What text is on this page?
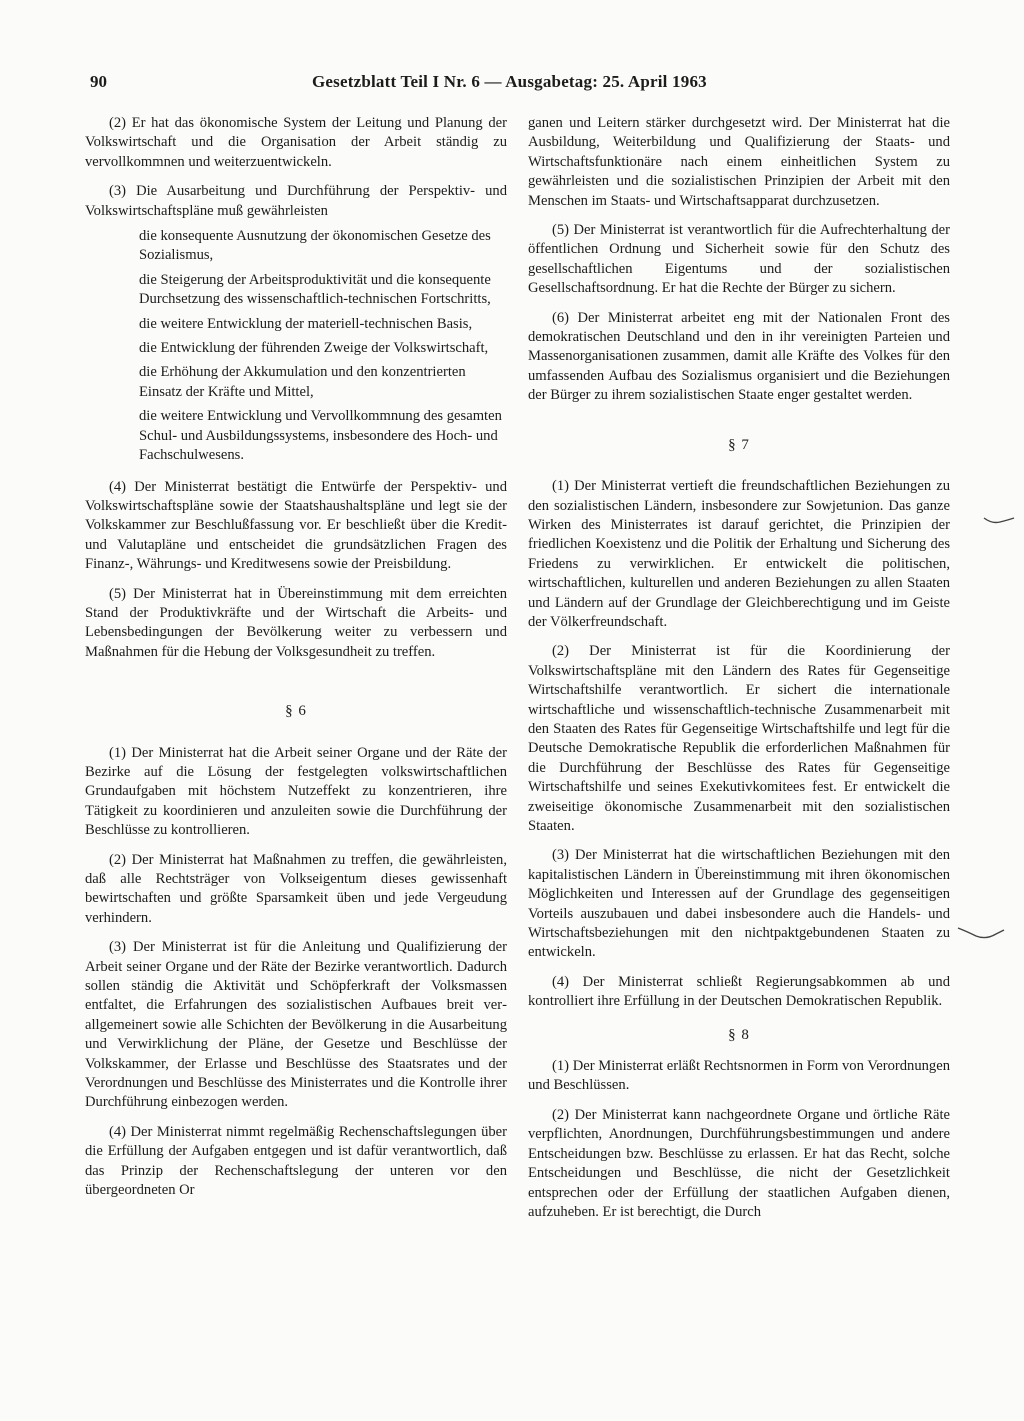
90	Gesetzblatt Teil I Nr. 6 — Ausgabetag: 25. April 1963

(2) Er hat das ökonomische System der Leitung und Planung der Volkswirtschaft und die Organisation der Arbeit ständig zu vervollkommnen und weiterzuentwickeln.

(3) Die Ausarbeitung und Durchführung der Perspektiv- und Volkswirtschaftspläne muß gewährleisten

die konsequente Ausnutzung der ökonomischen Gesetze des Sozialismus,

die Steigerung der Arbeitsproduktivität und die konsequente Durchsetzung des wissenschaftlich-technischen Fortschritts,

die weitere Entwicklung der materiell-technischen Basis,

die Entwicklung der führenden Zweige der Volkswirtschaft,

die Erhöhung der Akkumulation und den konzentrierten Einsatz der Kräfte und Mittel,

die weitere Entwicklung und Vervollkommnung des gesamten Schul- und Ausbildungssystems, insbesondere des Hoch- und Fachschulwesens.

(4) Der Ministerrat bestätigt die Entwürfe der Perspektiv- und Volkswirtschaftspläne sowie der Staatshaushaltspläne und legt sie der Volkskammer zur Beschlußfassung vor. Er beschließt über die Kredit- und Valutapläne und entscheidet die grundsätzlichen Fragen des Finanz-, Währungs- und Kreditwesens sowie der Preisbildung.

(5) Der Ministerrat hat in Übereinstimmung mit dem erreichten Stand der Produktivkräfte und der Wirtschaft die Arbeits- und Lebensbedingungen der Bevölkerung weiter zu verbessern und Maßnahmen für die Hebung der Volksgesundheit zu treffen.

§ 6

(1) Der Ministerrat hat die Arbeit seiner Organe und der Räte der Bezirke auf die Lösung der festgelegten volkswirtschaftlichen Grundaufgaben mit höchstem Nutzeffekt zu konzentrieren, ihre Tätigkeit zu koordinieren und anzuleiten sowie die Durchführung der Beschlüsse zu kontrollieren.

(2) Der Ministerrat hat Maßnahmen zu treffen, die gewährleisten, daß alle Rechtsträger von Volkseigentum dieses gewissenhaft bewirtschaften und größte Sparsamkeit üben und jede Vergeudung verhindern.

(3) Der Ministerrat ist für die Anleitung und Qualifizierung der Arbeit seiner Organe und der Räte der Bezirke verantwortlich. Dadurch sollen ständig die Aktivität und Schöpferkraft der Volksmassen entfaltet, die Erfahrungen des sozialistischen Aufbaues breit verallgemeinert sowie alle Schichten der Bevölkerung in die Ausarbeitung und Verwirklichung der Pläne, der Gesetze und Beschlüsse der Volkskammer, der Erlasse und Beschlüsse des Staatsrates und der Verordnungen und Beschlüsse des Ministerrates und die Kontrolle ihrer Durchführung einbezogen werden.

(4) Der Ministerrat nimmt regelmäßig Rechenschaftslegungen über die Erfüllung der Aufgaben entgegen und ist dafür verantwortlich, daß das Prinzip der Rechenschaftslegung der unteren vor den übergeordneten Or

ganen und Leitern stärker durchgesetzt wird. Der Ministerrat hat die Ausbildung, Weiterbildung und Qualifizierung der Staats- und Wirtschaftsfunktionäre nach einem einheitlichen System zu gewährleisten und die sozialistischen Prinzipien der Arbeit mit den Menschen im Staats- und Wirtschaftsapparat durchzusetzen.

(5) Der Ministerrat ist verantwortlich für die Aufrechterhaltung der öffentlichen Ordnung und Sicherheit sowie für den Schutz des gesellschaftlichen Eigentums und der sozialistischen Gesellschaftsordnung. Er hat die Rechte der Bürger zu sichern.

(6) Der Ministerrat arbeitet eng mit der Nationalen Front des demokratischen Deutschland und den in ihr vereinigten Parteien und Massenorganisationen zusammen, damit alle Kräfte des Volkes für den umfassenden Aufbau des Sozialismus organisiert und die Beziehungen der Bürger zu ihrem sozialistischen Staate enger gestaltet werden.

§ 7

(1) Der Ministerrat vertieft die freundschaftlichen Beziehungen zu den sozialistischen Ländern, insbesondere zur Sowjetunion. Das ganze Wirken des Ministerrates ist darauf gerichtet, die Prinzipien der friedlichen Koexistenz und die Politik der Erhaltung und Sicherung des Friedens zu verwirklichen. Er entwickelt die politischen, wirtschaftlichen, kulturellen und anderen Beziehungen zu allen Staaten und Ländern auf der Grundlage der Gleichberechtigung und im Geiste der Völkerfreundschaft.

(2) Der Ministerrat ist für die Koordinierung der Volkswirtschaftspläne mit den Ländern des Rates für Gegenseitige Wirtschaftshilfe verantwortlich. Er sichert die internationale wirtschaftliche und wissenschaftlich-technische Zusammenarbeit mit den Staaten des Rates für Gegenseitige Wirtschaftshilfe und legt für die Deutsche Demokratische Republik die erforderlichen Maßnahmen für die Durchführung der Beschlüsse des Rates für Gegenseitige Wirtschaftshilfe und seines Exekutivkomitees fest. Er entwickelt die zweiseitige ökonomische Zusammenarbeit mit den sozialistischen Staaten.

(3) Der Ministerrat hat die wirtschaftlichen Beziehungen mit den kapitalistischen Ländern in Übereinstimmung mit ihren ökonomischen Möglichkeiten und Interessen auf der Grundlage des gegenseitigen Vorteils auszubauen und dabei insbesondere auch die Handels- und Wirtschaftsbeziehungen mit den nichtpaktgebundenen Staaten zu entwickeln.

(4) Der Ministerrat schließt Regierungsabkommen ab und kontrolliert ihre Erfüllung in der Deutschen Demokratischen Republik.

§ 8

(1) Der Ministerrat erläßt Rechtsnormen in Form von Verordnungen und Beschlüssen.

(2) Der Ministerrat kann nachgeordnete Organe und örtliche Räte verpflichten, Anordnungen, Durchführungsbestimmungen und andere Entscheidungen bzw. Beschlüsse zu erlassen. Er hat das Recht, solche Entscheidungen und Beschlüsse, die nicht der Gesetzlichkeit entsprechen oder der Erfüllung der staatlichen Aufgaben dienen, aufzuheben. Er ist berechtigt, die Durch
